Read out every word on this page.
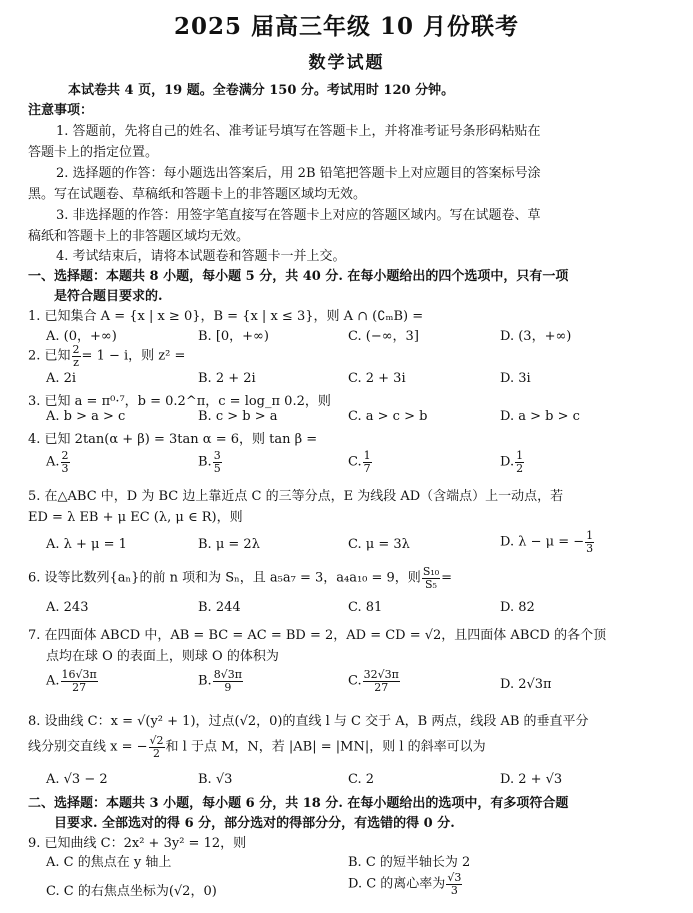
2025 届高三年级 10 月份联考
数学试题
本试卷共 4 页，19 题。全卷满分 150 分。考试用时 120 分钟。
注意事项：
1. 答题前，先将自己的姓名、准考证号填写在答题卡上，并将准考证号条形码粘贴在
答题卡上的指定位置。
2. 选择题的作答：每小题选出答案后，用 2B 铅笔把答题卡上对应题目的答案标号涂
黑。写在试题卷、草稿纸和答题卡上的非答题区域均无效。
3. 非选择题的作答：用签字笔直接写在答题卡上对应的答题区域内。写在试题卷、草
稿纸和答题卡上的非答题区域均无效。
4. 考试结束后，请将本试题卷和答题卡一并上交。
一、选择题：本题共 8 小题，每小题 5 分，共 40 分. 在每小题给出的四个选项中，只有一项
是符合题目要求的.
1. 已知集合 A = {x | x ≥ 0}，B = {x | x ≤ 3}，则 A ∩ (∁ₘB) =
A. (0，+∞)	B. [0，+∞)	C. (−∞，3]	D. (3，+∞)
2. 已知 $\frac{2}{z} = 1 - i$，则 z² =
A. 2i	B. 2 + 2i	C. 2 + 3i	D. 3i
3. 已知 a = π⁰·⁷，b = 0.2^π，c = log_π 0.2，则
A. b > a > c	B. c > b > a	C. a > c > b	D. a > b > c
4. 已知 2tan(α + β) = 3tan α = 6，则 tan β =
A. $\frac{2}{3}$	B. $\frac{3}{5}$	C. $\frac{1}{7}$	D. $\frac{1}{2}$
5. 在△ABC 中，D 为 BC 边上靠近点 C 的三等分点，E 为线段 AD（含端点）上一动点，若
ED = λ EB + μ EC (λ, μ ∈ R)，则
A. λ + μ = 1	B. μ = 2λ	C. μ = 3λ	D. λ − μ = − $\frac{1}{3}$
6. 设等比数列{aₙ}的前 n 项和为 Sₙ，且 a₅a₇ = 3，a₄a₁₀ = 9，则 $\frac{\text{S₁₀}}{\text{S₅}}$ =
A. 243	B. 244	C. 81	D. 82
7. 在四面体 ABCD 中，AB = BC = AC = BD = 2，AD = CD = √2，且四面体 ABCD 的各个顶
点均在球 O 的表面上，则球 O 的体积为
A. $\frac{16√3\pi}{27}$	B. $\frac{8√3\pi}{9}$	C. $\frac{32√3\pi}{27}$	D. 2√3π
8. 设曲线 C：x = √(y² + 1)，过点(√2，0)的直线 l 与 C 交于 A，B 两点，线段 AB 的垂直平分
线分别交直线 x = − $\frac{√2}{2}$ 和 l 于点 M，N，若 |AB| = |MN|，则 l 的斜率可以为
A. √3 − 2	B. √3	C. 2	D. 2 + √3
二、选择题：本题共 3 小题，每小题 6 分，共 18 分. 在每小题给出的选项中，有多项符合题
目要求. 全部选对的得 6 分，部分选对的得部分分，有选错的得 0 分.
9. 已知曲线 C：2x² + 3y² = 12，则
A. C 的焦点在 y 轴上	B. C 的短半轴长为 2
C. C 的右焦点坐标为(√2，0)	D. C 的离心率为 $\frac{√3}{3}$
